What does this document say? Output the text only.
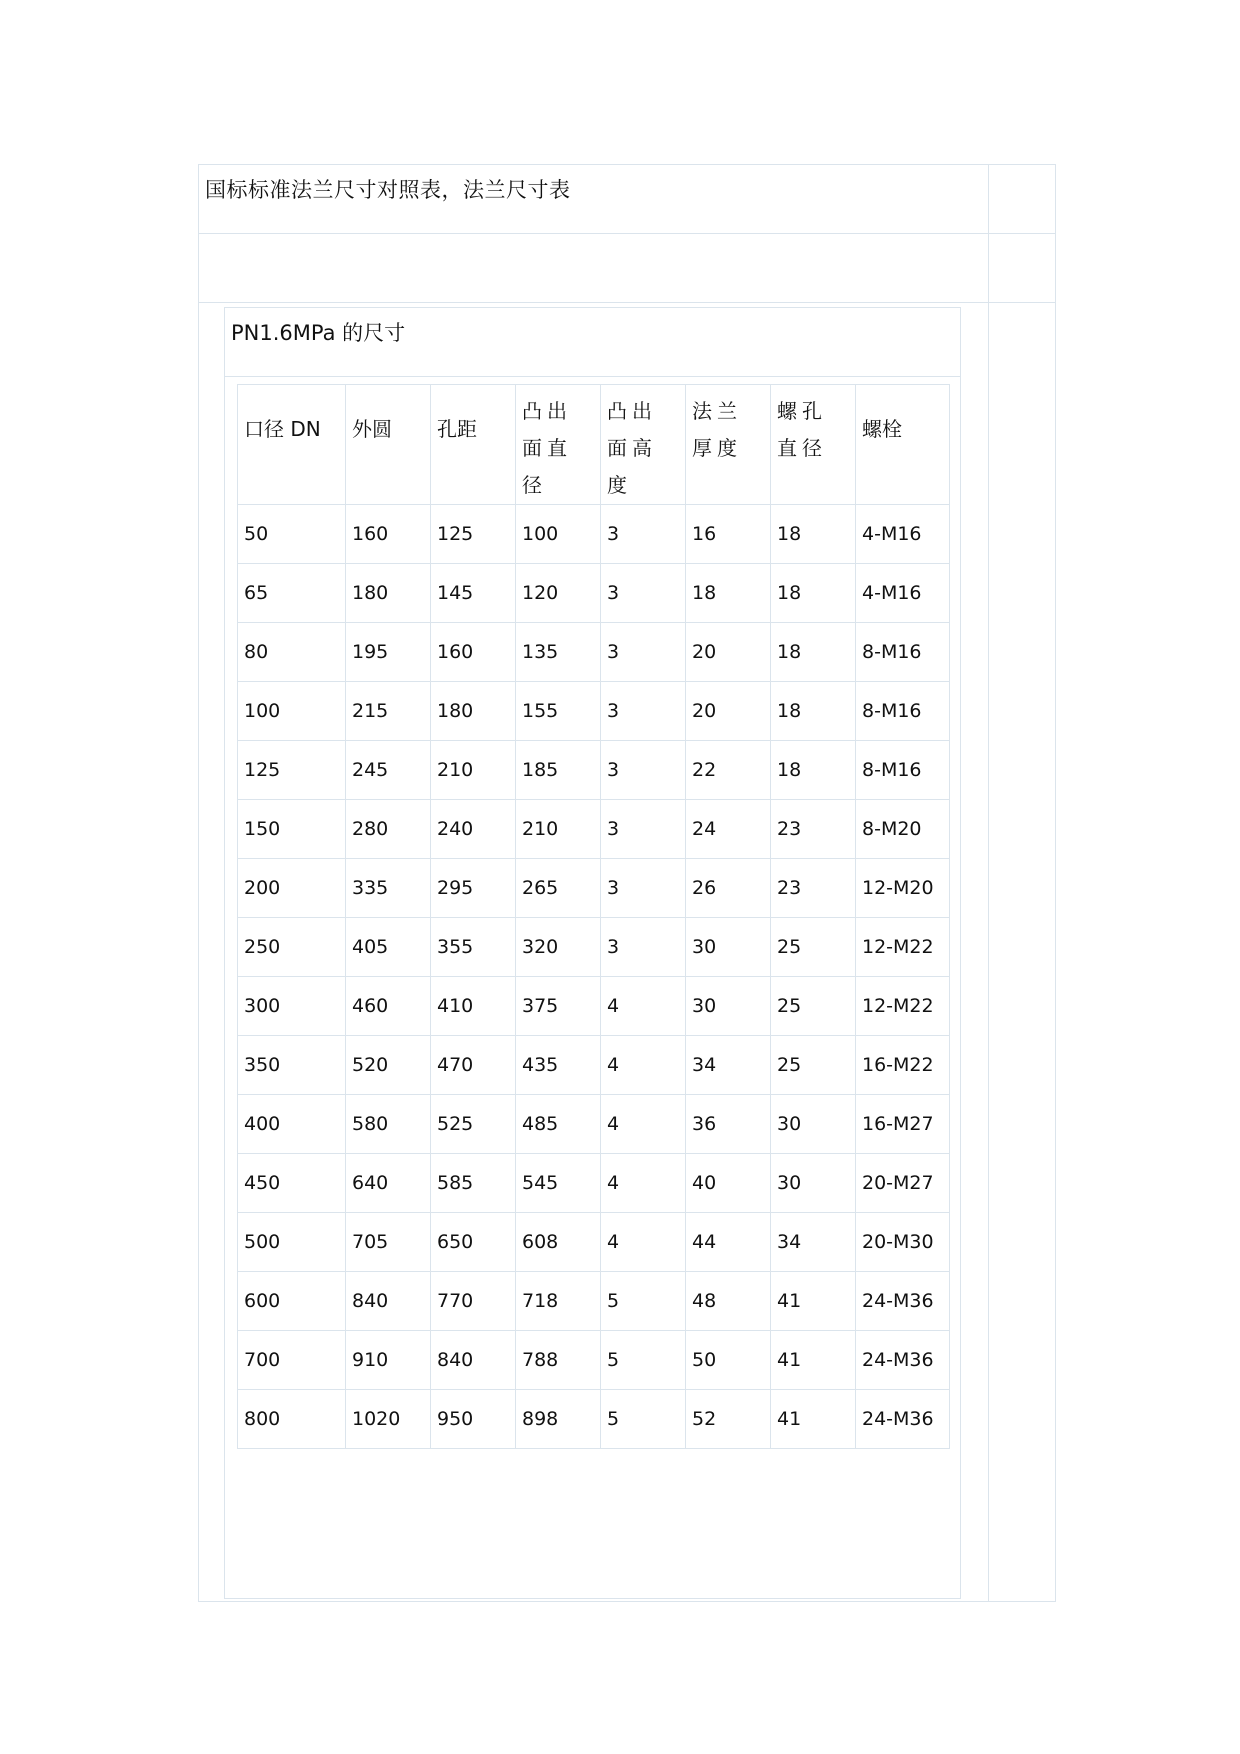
国标标准法兰尺寸对照表，法兰尺寸表
PN1.6MPa 的尺寸
口径 DN	外圆	孔距	凸出面直径	凸出面高度	法兰厚度	螺孔直径	螺栓
50	160	125	100	3	16	18	4-M16
65	180	145	120	3	18	18	4-M16
80	195	160	135	3	20	18	8-M16
100	215	180	155	3	20	18	8-M16
125	245	210	185	3	22	18	8-M16
150	280	240	210	3	24	23	8-M20
200	335	295	265	3	26	23	12-M20
250	405	355	320	3	30	25	12-M22
300	460	410	375	4	30	25	12-M22
350	520	470	435	4	34	25	16-M22
400	580	525	485	4	36	30	16-M27
450	640	585	545	4	40	30	20-M27
500	705	650	608	4	44	34	20-M30
600	840	770	718	5	48	41	24-M36
700	910	840	788	5	50	41	24-M36
800	1020	950	898	5	52	41	24-M36
